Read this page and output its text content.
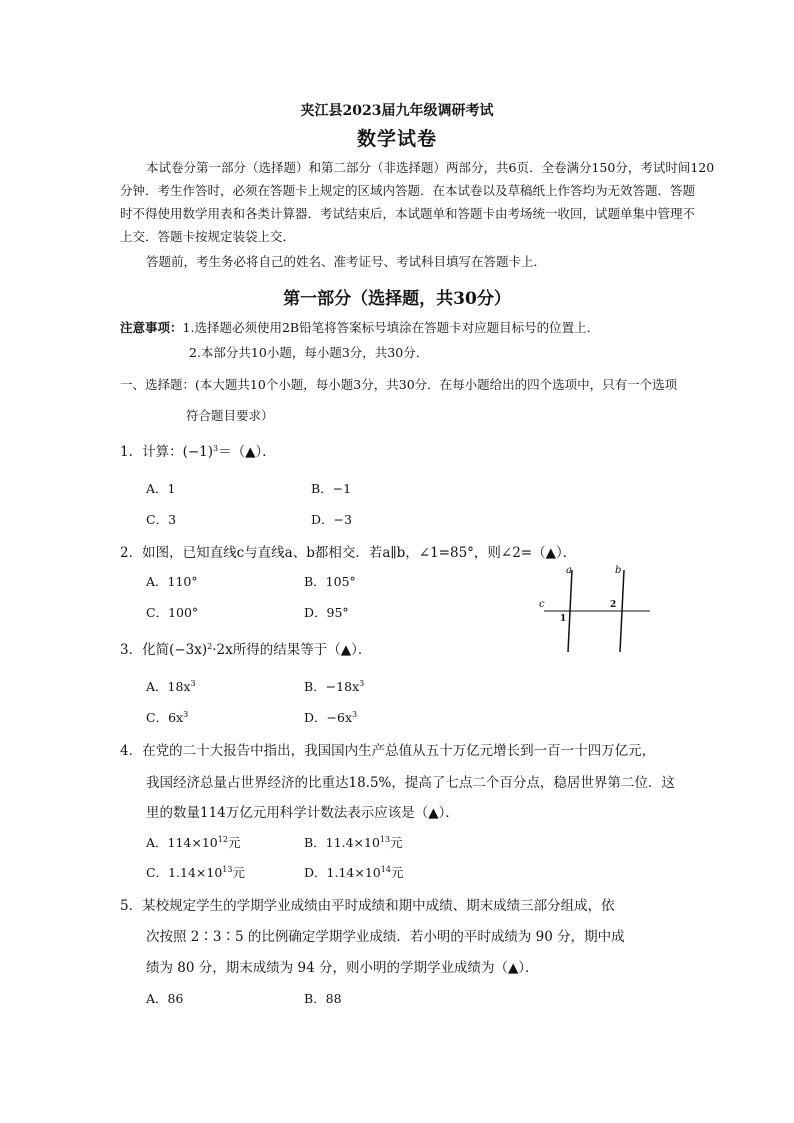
夹江县2023届九年级调研考试
数学试卷
本试卷分第一部分（选择题）和第二部分（非选择题）两部分，共6页．全卷满分150分，考试时间120
分钟．考生作答时，必须在答题卡上规定的区域内答题．在本试卷以及草稿纸上作答均为无效答题．答题
时不得使用数学用表和各类计算器．考试结束后，本试题单和答题卡由考场统一收回，试题单集中管理不
上交．答题卡按规定装袋上交．
答题前，考生务必将自己的姓名、准考证号、考试科目填写在答题卡上．
第一部分（选择题，共30分）
注意事项：1.选择题必须使用2B铅笔将答案标号填涂在答题卡对应题目标号的位置上．
2.本部分共10小题，每小题3分，共30分．
一、选择题：(本大题共10个小题，每小题3分，共30分．在每小题给出的四个选项中，只有一个选项
符合题目要求）
1．计算：$(-1)^3=(▲)$．
A．1	B．−1
C．3	D．−3
2．如图，已知直线c与直线a、b都相交．若a∥b，∠1=85°，则∠2=（▲）．
A．110°	B．105°
C．100°	D．95°
a	b
c
1
2
3．化简$(-3x)^2\cdot 2x$所得的结果等于（▲）．
A．$18x^3$	B．$-18x^3$
C．$6x^3$	D．$-6x^3$
4．在党的二十大报告中指出，我国国内生产总值从五十万亿元增长到一百一十四万亿元，
我国经济总量占世界经济的比重达18.5%，提高了七点二个百分点，稳居世界第二位．这
里的数量114万亿元用科学计数法表示应该是（▲）．
A．$114\times 10^{12}$元	B．$11.4\times 10^{13}$元
C．$1.14\times 10^{13}$元	D．$1.14\times 10^{14}$元
5．某校规定学生的学期学业成绩由平时成绩和期中成绩、期末成绩三部分组成，依
次按照 2∶3∶5 的比例确定学期学业成绩．若小明的平时成绩为 90 分，期中成
绩为 80 分，期末成绩为 94 分，则小明的学期学业成绩为（▲）．
A．86	B．88
